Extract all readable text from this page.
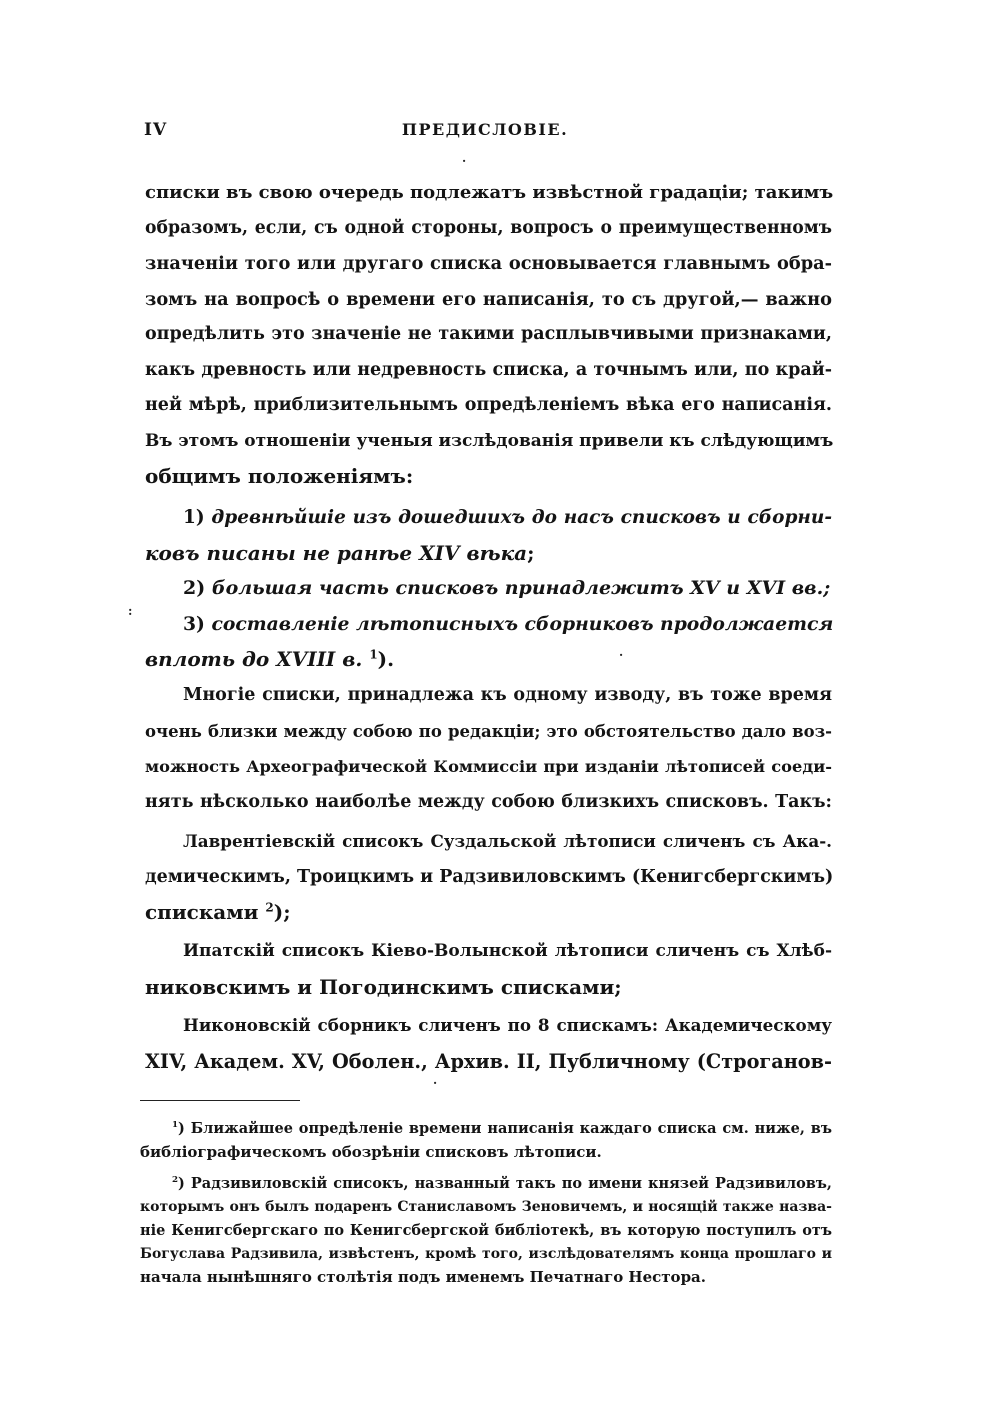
IV	ПРЕДИСЛОВІЕ.
списки въ свою очередь подлежатъ извѣстной градаціи; такимъ
образомъ, если, съ одной стороны, вопросъ о преимущественномъ
значеніи того или другаго списка основывается главнымъ обра-
зомъ на вопросѣ о времени его написанія, то съ другой,— важно
опредѣлить это значеніе не такими расплывчивыми признаками,
какъ древность или недревность списка, а точнымъ или, по край-
ней мѣрѣ, приблизительнымъ опредѣленіемъ вѣка его написанія.
Въ этомъ отношеніи ученыя изслѣдованія привели къ слѣдующимъ
общимъ положеніямъ:
1) древнѣйшіе изъ дошедшихъ до насъ списковъ и сборни-
ковъ писаны не ранѣе XIV вѣка;
2) большая часть списковъ принадлежитъ XV и XVI вв.;
3) составленіе лѣтописныхъ сборниковъ продолжается
вплоть до XVIII в. $^1$).
Многіе списки, принадлежа къ одному изводу, въ тоже время
очень близки между собою по редакціи; это обстоятельство дало воз-
можность Археографической Коммиссіи при изданіи лѣтописей соеди-
нять нѣсколько наиболѣе между собою близкихъ списковъ. Такъ:
Лаврентіевскій списокъ Суздальской лѣтописи сличенъ съ Ака-.
демическимъ, Троицкимъ и Радзивиловскимъ (Кенигсбергскимъ)
списками $^2$);
Ипатскій списокъ Кіево-Волынской лѣтописи сличенъ съ Хлѣб-
никовскимъ и Погодинскимъ списками;
Никоновскій сборникъ сличенъ по 8 спискамъ: Академическому
XIV, Академ. XV, Оболен., Архив. II, Публичному (Строганов-
$^1$) Ближайшее опредѣленіе времени написанія каждаго списка см. ниже, въ
библіографическомъ обозрѣніи списковъ лѣтописи.
$^2$) Радзивиловскій списокъ, названный такъ по имени князей Радзивиловъ,
которымъ онъ былъ подаренъ Станиславомъ Зеновичемъ, и носящій также назва-
ніе Кенигсбергскаго по Кенигсбергской библіотекѣ, въ которую поступилъ отъ
Богуслава Радзивила, извѣстенъ, кромѣ того, изслѣдователямъ конца прошлаго и
начала нынѣшняго столѣтія подъ именемъ Печатнаго Нестора.
·
:
·
·
